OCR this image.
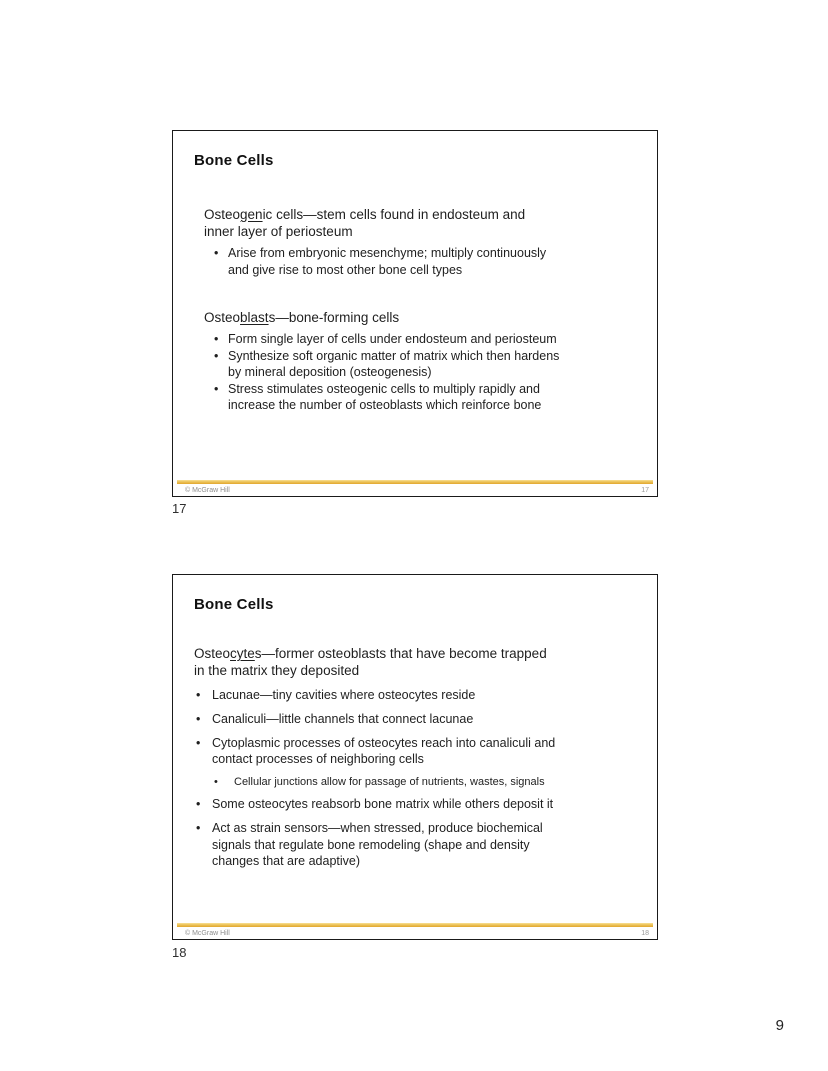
Bone Cells
Osteogenic cells—stem cells found in endosteum and
inner layer of periosteum
• Arise from embryonic mesenchyme; multiply continuously
and give rise to most other bone cell types
Osteoblasts—bone-forming cells
• Form single layer of cells under endosteum and periosteum
• Synthesize soft organic matter of matrix which then hardens
by mineral deposition (osteogenesis)
• Stress stimulates osteogenic cells to multiply rapidly and
increase the number of osteoblasts which reinforce bone
© McGraw Hill	17
17
Bone Cells
Osteocytes—former osteoblasts that have become trapped
in the matrix they deposited
• Lacunae—tiny cavities where osteocytes reside
• Canaliculi—little channels that connect lacunae
• Cytoplasmic processes of osteocytes reach into canaliculi and
contact processes of neighboring cells
•	Cellular junctions allow for passage of nutrients, wastes, signals
• Some osteocytes reabsorb bone matrix while others deposit it
• Act as strain sensors—when stressed, produce biochemical
signals that regulate bone remodeling (shape and density
changes that are adaptive)
© McGraw Hill	18
18
9
